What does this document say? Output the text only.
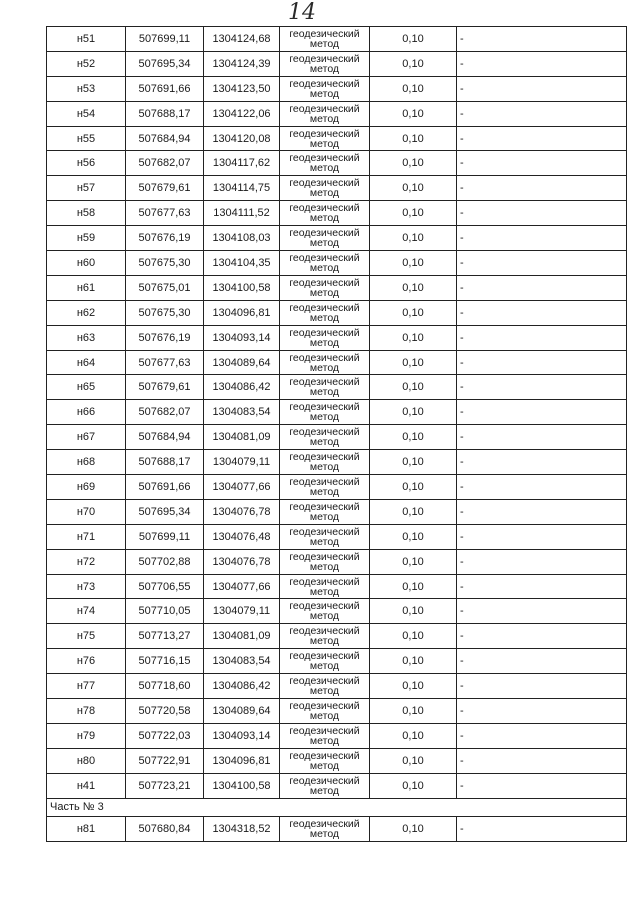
14
н51	507699,11	1304124,68	геодезический метод	0,10	-
н52	507695,34	1304124,39	геодезический метод	0,10	-
н53	507691,66	1304123,50	геодезический метод	0,10	-
н54	507688,17	1304122,06	геодезический метод	0,10	-
н55	507684,94	1304120,08	геодезический метод	0,10	-
н56	507682,07	1304117,62	геодезический метод	0,10	-
н57	507679,61	1304114,75	геодезический метод	0,10	-
н58	507677,63	1304111,52	геодезический метод	0,10	-
н59	507676,19	1304108,03	геодезический метод	0,10	-
н60	507675,30	1304104,35	геодезический метод	0,10	-
н61	507675,01	1304100,58	геодезический метод	0,10	-
н62	507675,30	1304096,81	геодезический метод	0,10	-
н63	507676,19	1304093,14	геодезический метод	0,10	-
н64	507677,63	1304089,64	геодезический метод	0,10	-
н65	507679,61	1304086,42	геодезический метод	0,10	-
н66	507682,07	1304083,54	геодезический метод	0,10	-
н67	507684,94	1304081,09	геодезический метод	0,10	-
н68	507688,17	1304079,11	геодезический метод	0,10	-
н69	507691,66	1304077,66	геодезический метод	0,10	-
н70	507695,34	1304076,78	геодезический метод	0,10	-
н71	507699,11	1304076,48	геодезический метод	0,10	-
н72	507702,88	1304076,78	геодезический метод	0,10	-
н73	507706,55	1304077,66	геодезический метод	0,10	-
н74	507710,05	1304079,11	геодезический метод	0,10	-
н75	507713,27	1304081,09	геодезический метод	0,10	-
н76	507716,15	1304083,54	геодезический метод	0,10	-
н77	507718,60	1304086,42	геодезический метод	0,10	-
н78	507720,58	1304089,64	геодезический метод	0,10	-
н79	507722,03	1304093,14	геодезический метод	0,10	-
н80	507722,91	1304096,81	геодезический метод	0,10	-
н41	507723,21	1304100,58	геодезический метод	0,10	-
Часть № 3					
н81	507680,84	1304318,52	геодезический метод	0,10	-
